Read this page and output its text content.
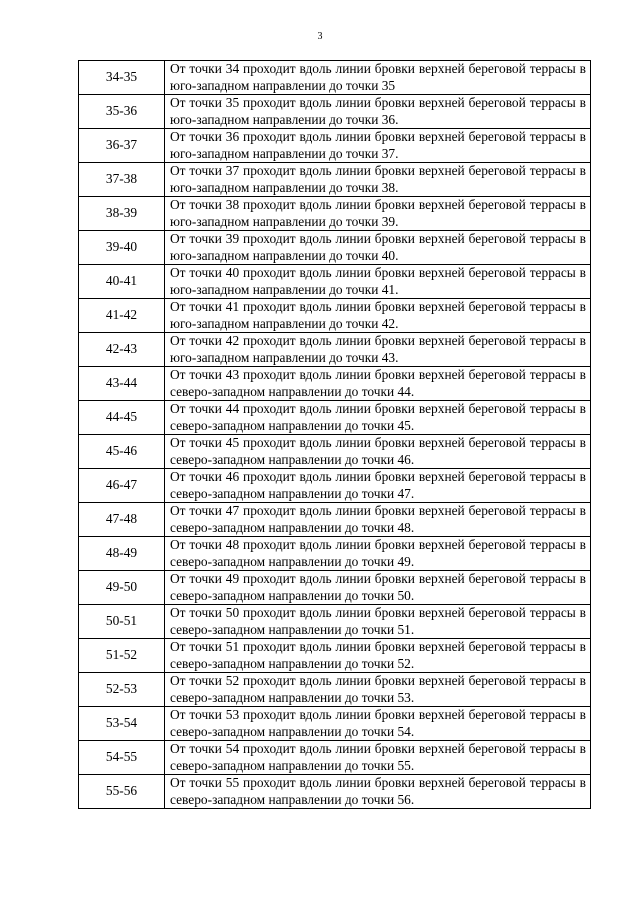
3
34-35	От точки 34 проходит вдоль линии бровки верхней береговой террасы в юго-западном направлении до точки 35

35-36	От точки 35 проходит вдоль линии бровки верхней береговой террасы в юго-западном направлении до точки 36.

36-37	От точки 36 проходит вдоль линии бровки верхней береговой террасы в юго-западном направлении до точки 37.

37-38	От точки 37 проходит вдоль линии бровки верхней береговой террасы в юго-западном направлении до точки 38.

38-39	От точки 38 проходит вдоль линии бровки верхней береговой террасы в юго-западном направлении до точки 39.

39-40	От точки 39 проходит вдоль линии бровки верхней береговой террасы в юго-западном направлении до точки 40.

40-41	От точки 40 проходит вдоль линии бровки верхней береговой террасы в юго-западном направлении до точки 41.

41-42	От точки 41 проходит вдоль линии бровки верхней береговой террасы в юго-западном направлении до точки 42.

42-43	От точки 42 проходит вдоль линии бровки верхней береговой террасы в юго-западном направлении до точки 43.

43-44	От точки 43 проходит вдоль линии бровки верхней береговой террасы в северо-западном направлении до точки 44.

44-45	От точки 44 проходит вдоль линии бровки верхней береговой террасы в северо-западном направлении до точки 45.

45-46	От точки 45 проходит вдоль линии бровки верхней береговой террасы в северо-западном направлении до точки 46.

46-47	От точки 46 проходит вдоль линии бровки верхней береговой террасы в северо-западном направлении до точки 47.

47-48	От точки 47 проходит вдоль линии бровки верхней береговой террасы в северо-западном направлении до точки 48.

48-49	От точки 48 проходит вдоль линии бровки верхней береговой террасы в северо-западном направлении до точки 49.

49-50	От точки 49 проходит вдоль линии бровки верхней береговой террасы в северо-западном направлении до точки 50.

50-51	От точки 50 проходит вдоль линии бровки верхней береговой террасы в северо-западном направлении до точки 51.

51-52	От точки 51 проходит вдоль линии бровки верхней береговой террасы в северо-западном направлении до точки 52.

52-53	От точки 52 проходит вдоль линии бровки верхней береговой террасы в северо-западном направлении до точки 53.

53-54	От точки 53 проходит вдоль линии бровки верхней береговой террасы в северо-западном направлении до точки 54.

54-55	От точки 54 проходит вдоль линии бровки верхней береговой террасы в северо-западном направлении до точки 55.

55-56	От точки 55 проходит вдоль линии бровки верхней береговой террасы в северо-западном направлении до точки 56.
